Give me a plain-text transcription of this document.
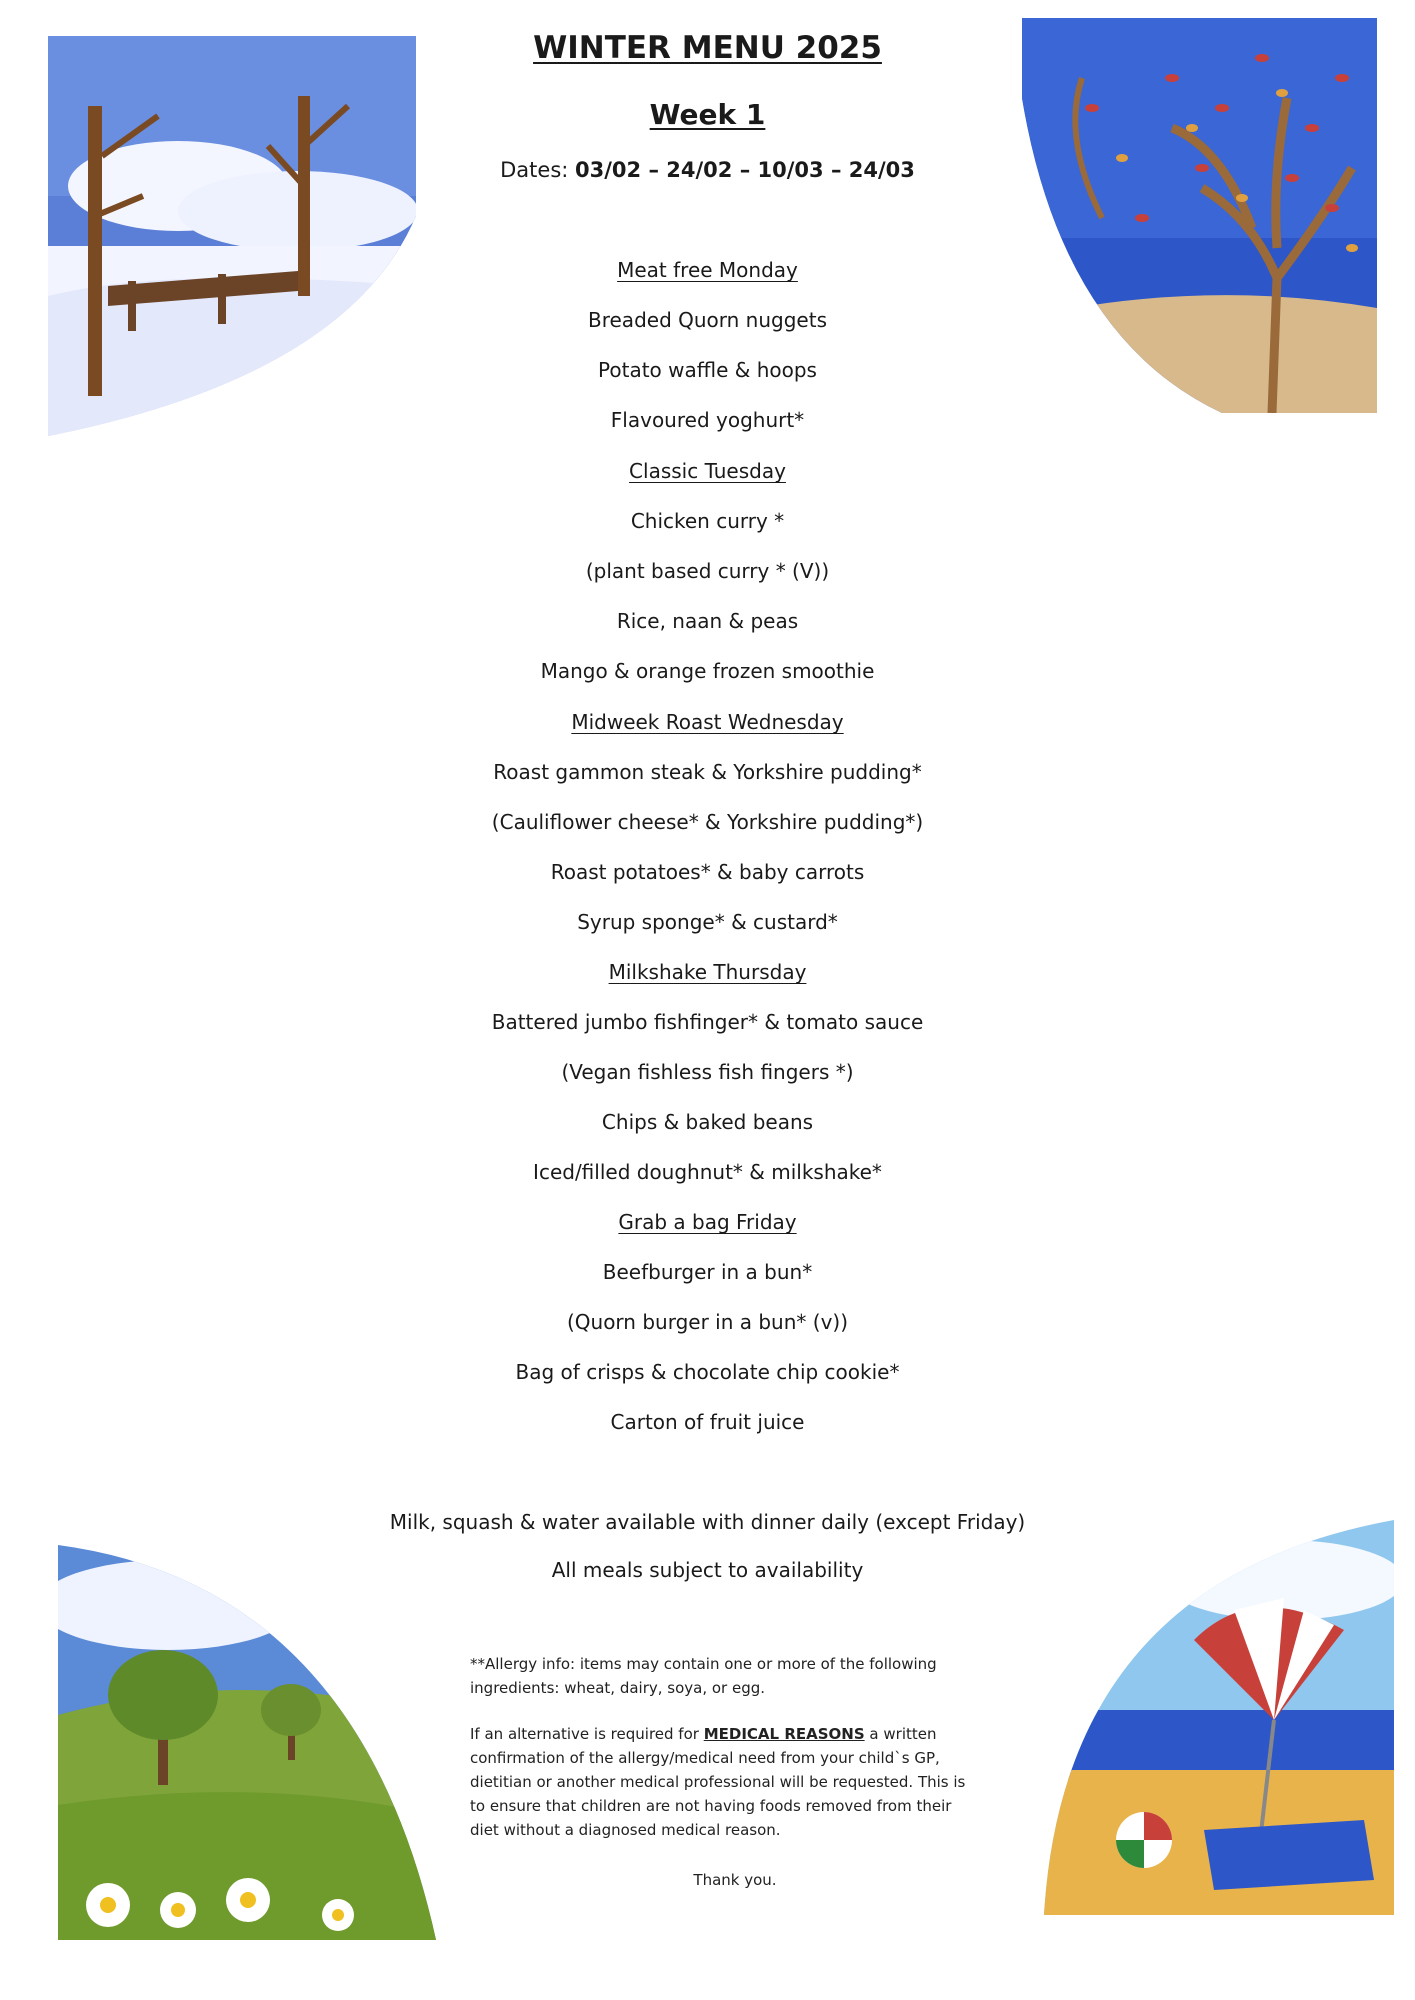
WINTER MENU 2025
Week 1
Dates: 03/02 – 24/02 – 10/03 – 24/03
Meat free Monday
Breaded Quorn nuggets
Potato waffle & hoops
Flavoured yoghurt*
Classic Tuesday
Chicken curry *
(plant based curry * (V))
Rice, naan & peas
Mango & orange frozen smoothie
Midweek Roast Wednesday
Roast gammon steak & Yorkshire pudding*
(Cauliflower cheese* & Yorkshire pudding*)
Roast potatoes* & baby carrots
Syrup sponge* & custard*
Milkshake Thursday
Battered jumbo fishfinger* & tomato sauce
(Vegan fishless fish fingers *)
Chips & baked beans
Iced/filled doughnut* & milkshake*
Grab a bag Friday
Beefburger in a bun*
(Quorn burger in a bun* (v))
Bag of crisps & chocolate chip cookie*
Carton of fruit juice
Milk, squash & water available with dinner daily (except Friday)
All meals subject to availability
**Allergy info: items may contain one or more of the following
ingredients: wheat, dairy, soya, or egg.
If an alternative is required for MEDICAL REASONS a written
confirmation of the allergy/medical need from your child`s GP,
dietitian or another medical professional will be requested. This is
to ensure that children are not having foods removed from their
diet without a diagnosed medical reason.
Thank you.
